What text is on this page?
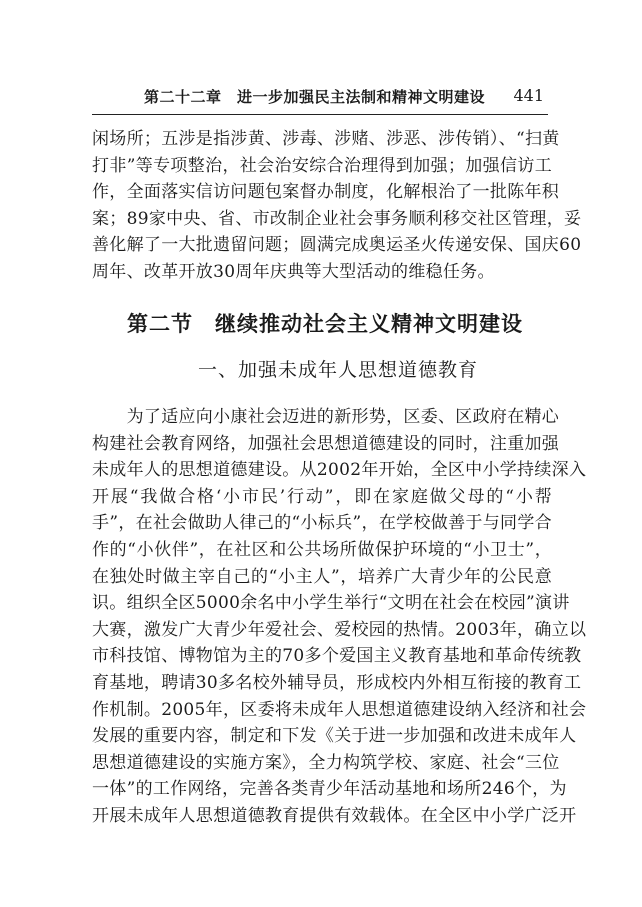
第二十二章　进一步加强民主法制和精神文明建设 441
闲场所；五涉是指涉黄、涉毒、涉赌、涉恶、涉传销）、“扫黄
打非”等专项整治，社会治安综合治理得到加强；加强信访工
作，全面落实信访问题包案督办制度，化解根治了一批陈年积
案；89家中央、省、市改制企业社会事务顺利移交社区管理，妥
善化解了一大批遗留问题；圆满完成奥运圣火传递安保、国庆60
周年、改革开放30周年庆典等大型活动的维稳任务。
第二节　继续推动社会主义精神文明建设
一、加强未成年人思想道德教育
　　为了适应向小康社会迈进的新形势，区委、区政府在精心
构建社会教育网络，加强社会思想道德建设的同时，注重加强
未成年人的思想道德建设。从2002年开始，全区中小学持续深入
开展“我做合格‘小市民’行动”，即在家庭做父母的“小帮
手”，在社会做助人律己的“小标兵”，在学校做善于与同学合
作的“小伙伴”，在社区和公共场所做保护环境的“小卫士”，
在独处时做主宰自己的“小主人”，培养广大青少年的公民意
识。组织全区5000余名中小学生举行“文明在社会在校园”演讲
大赛，激发广大青少年爱社会、爱校园的热情。2003年，确立以
市科技馆、博物馆为主的70多个爱国主义教育基地和革命传统教
育基地，聘请30多名校外辅导员，形成校内外相互衔接的教育工
作机制。2005年，区委将未成年人思想道德建设纳入经济和社会
发展的重要内容，制定和下发《关于进一步加强和改进未成年人
思想道德建设的实施方案》，全力构筑学校、家庭、社会“三位
一体”的工作网络，完善各类青少年活动基地和场所246个，为
开展未成年人思想道德教育提供有效载体。在全区中小学广泛开
